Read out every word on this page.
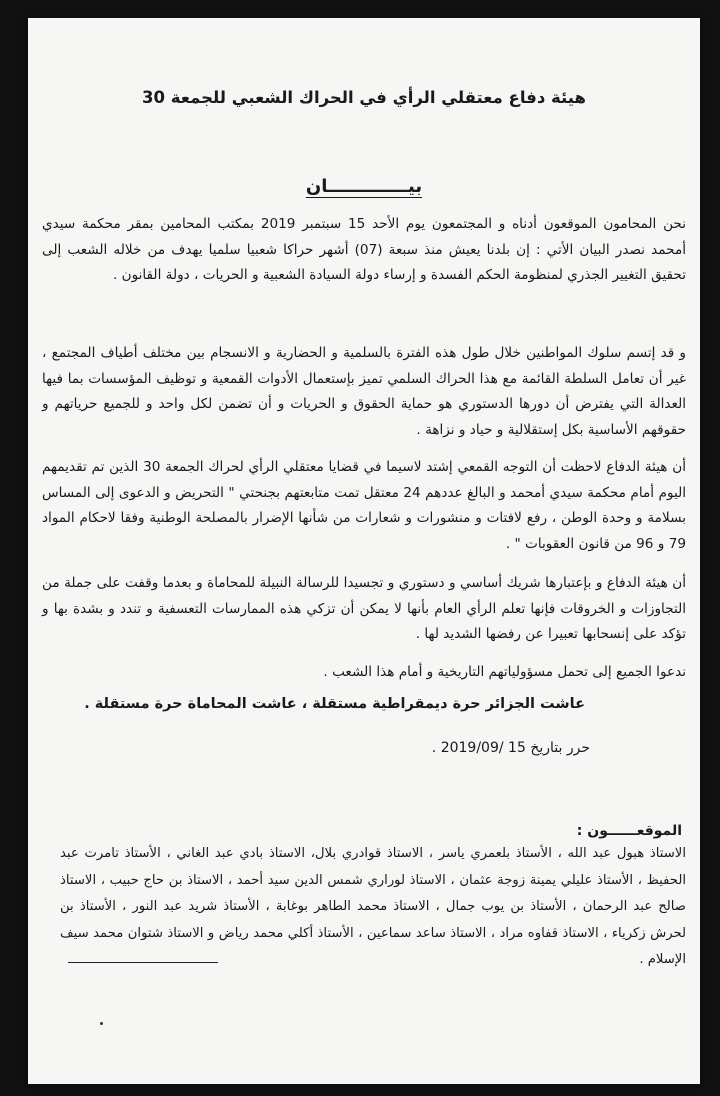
هيئة دفاع معتقلي الرأي في الحراك الشعبي للجمعة 30
بيـــــــــــــان
نحن المحامون الموقعون أدناه و المجتمعون يوم الأحد 15 سبتمبر 2019 بمكتب المحامين بمقر محكمة سيدي أمحمد نصدر البيان الأتي : إن بلدنا يعيش منذ سبعة (07) أشهر حراكا شعبيا سلميا يهدف من خلاله الشعب إلى تحقيق التغيير الجذري لمنظومة الحكم الفسدة و إرساء دولة السيادة الشعبية و الحريات ، دولة القانون .
و قد إتسم سلوك المواطنين خلال طول هذه الفترة بالسلمية و الحضارية و الانسجام بين مختلف أطياف المجتمع ، غير أن تعامل السلطة القائمة مع هذا الحراك السلمي تميز بإستعمال الأدوات القمعية و توظيف المؤسسات بما فيها العدالة التي يفترض أن دورها الدستوري هو حماية الحقوق و الحريات و أن تضمن لكل واحد و للجميع حرياتهم و حقوقهم الأساسية بكل إستقلالية و حياد و نزاهة .
أن هيئة الدفاع لاحظت أن التوجه القمعي إشتد لاسيما في قضايا معتقلي الرأي لحراك الجمعة 30 الذين تم تقديمهم اليوم أمام محكمة سيدي أمحمد و البالغ عددهم 24 معتقل تمت متابعتهم بجنحتي " التحريض و الدعوى إلى المساس بسلامة و وحدة الوطن ، رفع لافتات و منشورات و شعارات من شأنها الإضرار بالمصلحة الوطنية وفقا لاحكام المواد 79 و 96 من قانون العقوبات " .
أن هيئة الدفاع و بإعتبارها شريك أساسي و دستوري و تجسيدا للرسالة النبيلة للمحاماة و بعدما وقفت على جملة من التجاوزات و الخروقات فإنها تعلم الرأي العام بأنها لا يمكن أن تزكي هذه الممارسات التعسفية و تندد و بشدة بها و تؤكد على إنسحابها تعبيرا عن رفضها الشديد لها .
ندعوا الجميع إلى تحمل مسؤولياتهم التاريخية و أمام هذا الشعب .
عاشت الجزائر حرة ديمقراطية مستقلة ، عاشت المحاماة حرة مستقلة .
حرر بتاريخ 15 /2019/09 .
الموقعــــــون :
الاستاذ هبول عبد الله ، الأستاذ بلعمري ياسر ، الاستاذ قوادري بلال، الاستاذ بادي عبد الغاني ، الأستاذ تامرت عبد الحفيظ ، الأستاذ عليلي يمينة زوجة عثمان ، الاستاذ لوراري شمس الدين سيد أحمد ، الاستاذ بن حاج حبيب ، الاستاذ صالح عبد الرحمان ، الأستاذ بن يوب جمال ، الاستاذ محمد الطاهر بوغابة ، الأستاذ شريد عبد النور ، الأستاذ بن لحرش زكرياء ، الاستاذ قفاوه مراد ، الاستاذ ساعد سماعين ، الأستاذ أكلي محمد رياض و الاستاذ شتوان محمد سيف الإسلام .
